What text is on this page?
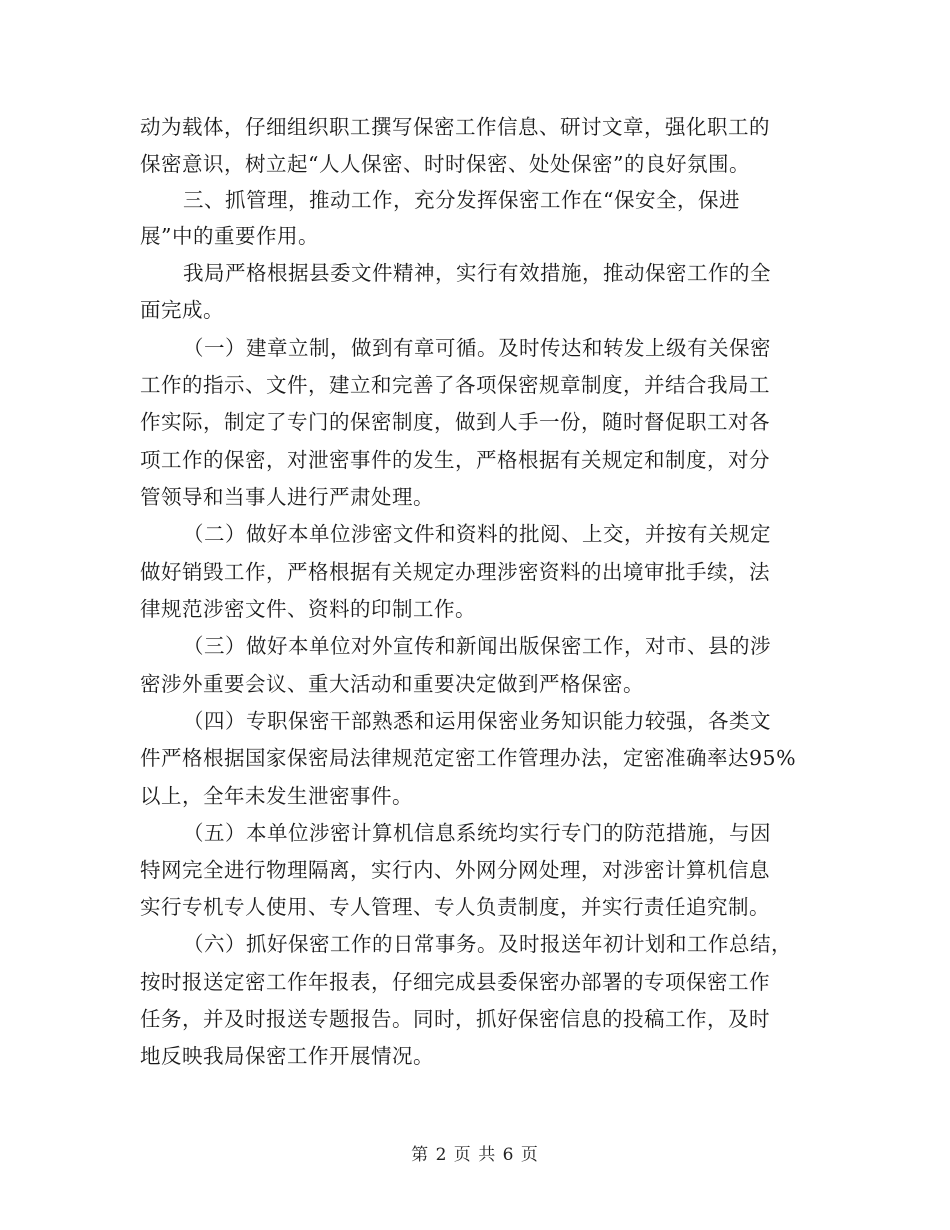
动为载体，仔细组织职工撰写保密工作信息、研讨文章，强化职工的
保密意识，树立起“人人保密、时时保密、处处保密”的良好氛围。
三、抓管理，推动工作，充分发挥保密工作在“保安全，保进
展”中的重要作用。
我局严格根据县委文件精神，实行有效措施，推动保密工作的全
面完成。
（一）建章立制，做到有章可循。及时传达和转发上级有关保密
工作的指示、文件，建立和完善了各项保密规章制度，并结合我局工
作实际，制定了专门的保密制度，做到人手一份，随时督促职工对各
项工作的保密，对泄密事件的发生，严格根据有关规定和制度，对分
管领导和当事人进行严肃处理。
（二）做好本单位涉密文件和资料的批阅、上交，并按有关规定
做好销毁工作，严格根据有关规定办理涉密资料的出境审批手续，法
律规范涉密文件、资料的印制工作。
（三）做好本单位对外宣传和新闻出版保密工作，对市、县的涉
密涉外重要会议、重大活动和重要决定做到严格保密。
（四）专职保密干部熟悉和运用保密业务知识能力较强，各类文
件严格根据国家保密局法律规范定密工作管理办法，定密准确率达95%
以上，全年未发生泄密事件。
（五）本单位涉密计算机信息系统均实行专门的防范措施，与因
特网完全进行物理隔离，实行内、外网分网处理，对涉密计算机信息
实行专机专人使用、专人管理、专人负责制度，并实行责任追究制。
（六）抓好保密工作的日常事务。及时报送年初计划和工作总结，
按时报送定密工作年报表，仔细完成县委保密办部署的专项保密工作
任务，并及时报送专题报告。同时，抓好保密信息的投稿工作，及时
地反映我局保密工作开展情况。
第 2 页 共 6 页
